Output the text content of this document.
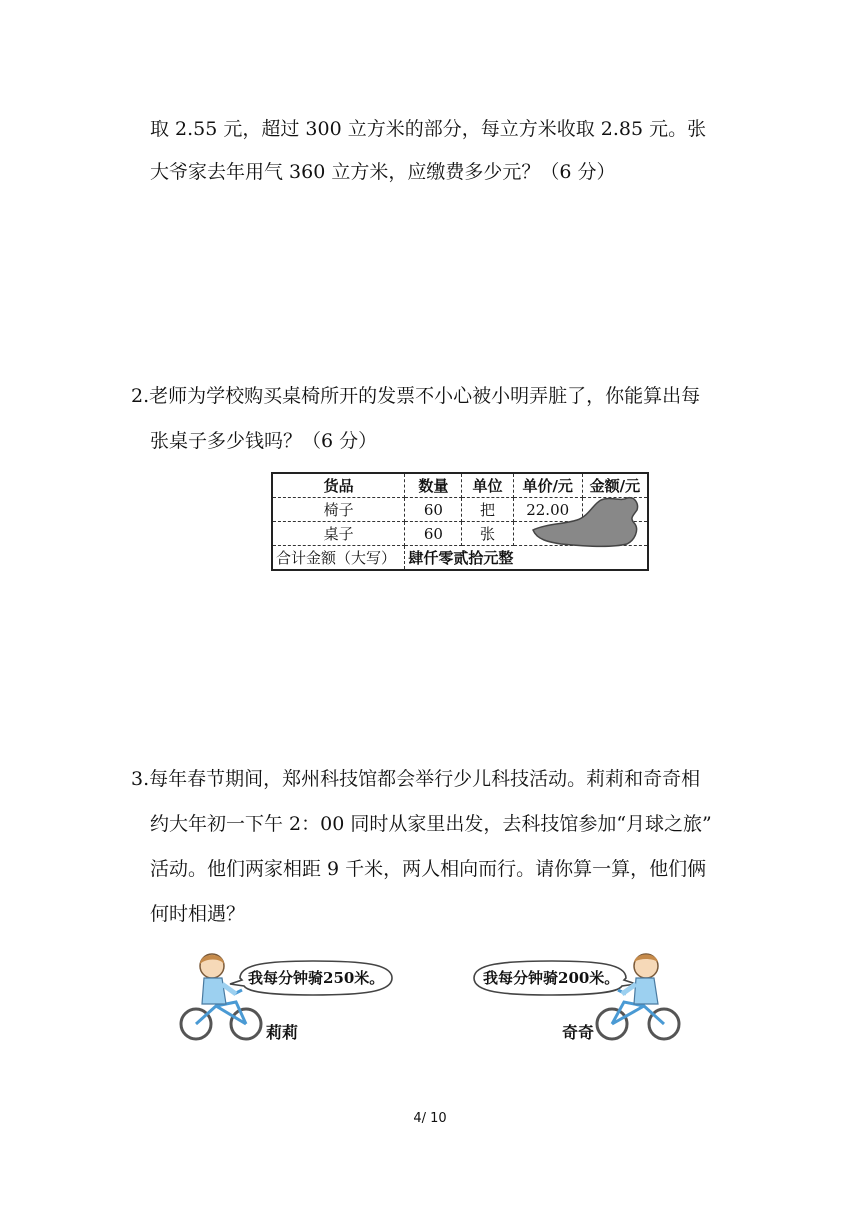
取 2.55 元，超过 300 立方米的部分，每立方米收取 2.85 元。张
大爷家去年用气 360 立方米，应缴费多少元？（6 分）
2.老师为学校购买桌椅所开的发票不小心被小明弄脏了，你能算出每
张桌子多少钱吗？（6 分）
货品	数量	单位	单价/元	金额/元
椅子	60	把	22.00	
桌子	60	张		
合计金额（大写）	肆仟零贰拾元整			
3.每年春节期间，郑州科技馆都会举行少儿科技活动。莉莉和奇奇相
约大年初一下午 2：00 同时从家里出发，去科技馆参加“月球之旅”
活动。他们两家相距 9 千米，两人相向而行。请你算一算，他们俩
何时相遇？
我每分钟骑250米。
莉莉
我每分钟骑200米。
奇奇
4/ 10
